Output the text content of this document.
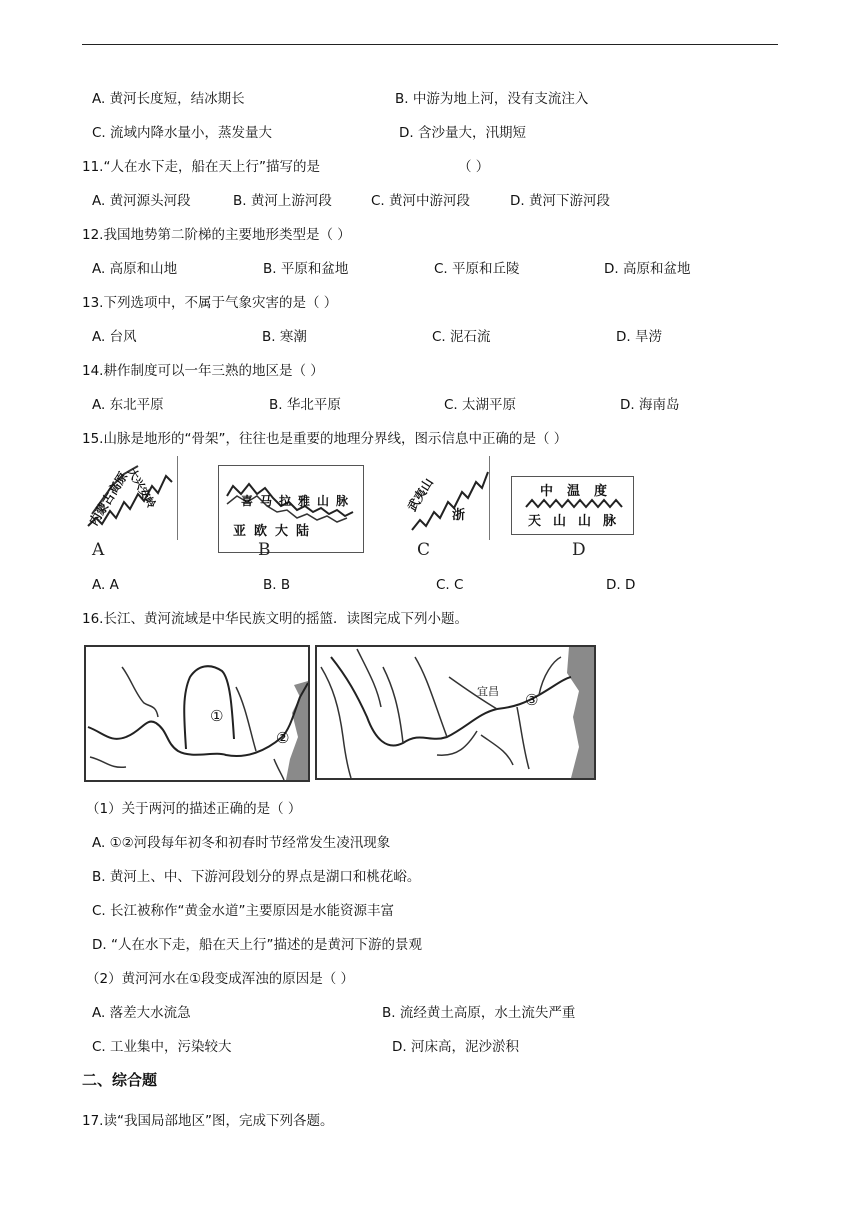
A. 黄河长度短，结冰期长	B. 中游为地上河，没有支流注入
C. 流域内降水量小，蒸发量大	D. 含沙量大，汛期短
11.“人在水下走，船在天上行”描写的是	（ ）
A. 黄河源头河段	B. 黄河上游河段	C. 黄河中游河段	D. 黄河下游河段
12.我国地势第二阶梯的主要地形类型是（ ）
A. 高原和山地	B. 平原和盆地	C. 平原和丘陵	D. 高原和盆地
13.下列选项中，不属于气象灾害的是（ ）
A. 台风	B. 寒潮	C. 泥石流	D. 旱涝
14.耕作制度可以一年三熟的地区是（ ）
A. 东北平原	B. 华北平原	C. 太湖平原	D. 海南岛
15.山脉是地形的“骨架”，往往也是重要的地理分界线，图示信息中正确的是（ ）
内蒙古高原
大兴安岭
A
喜马拉雅山脉
亚欧大陆
B
武夷山
浙
C
中温度
天山山脉
D
A. A	B. B	C. C	D. D
16.长江、黄河流域是中华民族文明的摇篮．读图完成下列小题。
①
②
宜昌 ③
（1）关于两河的描述正确的是（ ）
A. ①②河段每年初冬和初春时节经常发生凌汛现象
B. 黄河上、中、下游河段划分的界点是湖口和桃花峪。
C. 长江被称作“黄金水道”主要原因是水能资源丰富
D. “人在水下走，船在天上行”描述的是黄河下游的景观
（2）黄河河水在①段变成浑浊的原因是（ ）
A. 落差大水流急	B. 流经黄土高原，水土流失严重
C. 工业集中，污染较大	D. 河床高，泥沙淤积
二、综合题
17.读“我国局部地区”图，完成下列各题。
